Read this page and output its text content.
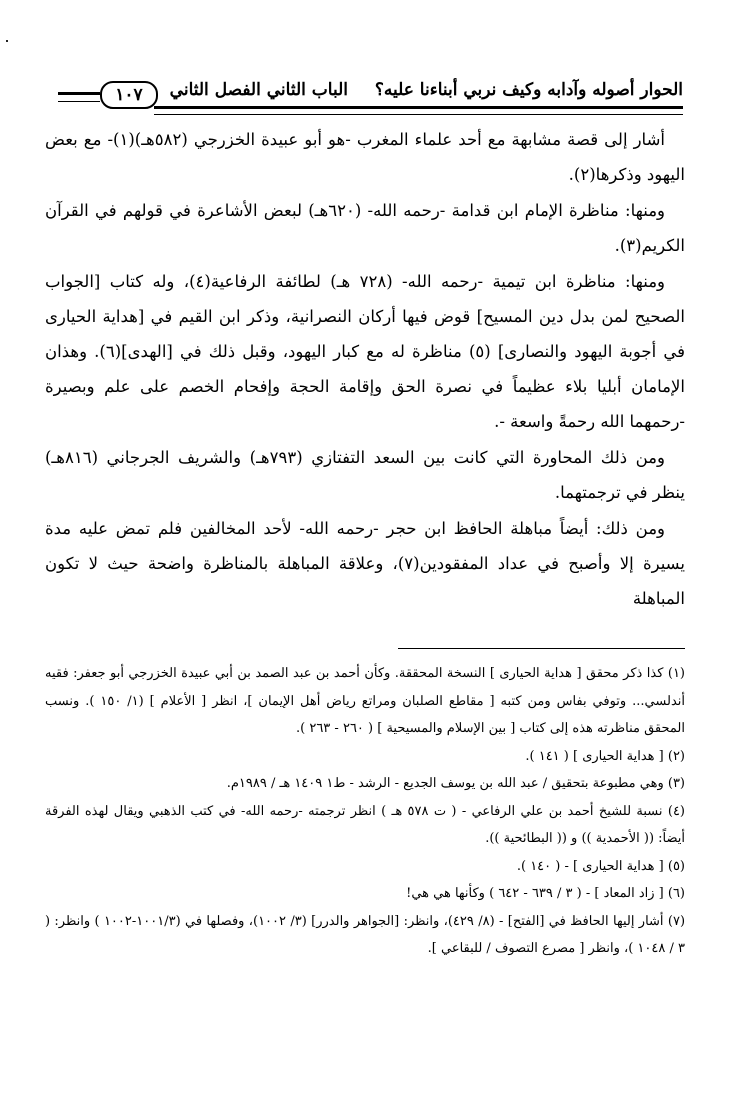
الحوار أصوله وآدابه وكيف نربي أبناءنا عليه؟
الباب الثاني الفصل الثاني
١٠٧

أشار إلى قصة مشابهة مع أحد علماء المغرب -هو أبو عبيدة الخزرجي (٥٨٢هـ)(١)- مع بعض اليهود وذكرها(٢).

ومنها: مناظرة الإمام ابن قدامة -رحمه الله- (٦٢٠هـ) لبعض الأشاعرة في قولهم في القرآن الكريم(٣).

ومنها: مناظرة ابن تيمية -رحمه الله- (٧٢٨ هـ) لطائفة الرفاعية(٤)، وله كتاب [الجواب الصحيح لمن بدل دين المسيح] قوض فيها أركان النصرانية، وذكر ابن القيم في [هداية الحيارى في أجوبة اليهود والنصارى] (٥) مناظرة له مع كبار اليهود، وقبل ذلك في [الهدى](٦). وهذان الإمامان أبليا بلاء عظيماً في نصرة الحق وإقامة الحجة وإفحام الخصم على علم وبصيرة -رحمهما الله رحمةً واسعة -.

ومن ذلك المحاورة التي كانت بين السعد التفتازي (٧٩٣هـ) والشريف الجرجاني (٨١٦هـ) ينظر في ترجمتهما.

ومن ذلك: أيضاً مباهلة الحافظ ابن حجر -رحمه الله- لأحد المخالفين فلم تمض عليه مدة يسيرة إلا وأصبح في عداد المفقودين(٧)، وعلاقة المباهلة بالمناظرة واضحة حيث لا تكون المباهلة

(١) كذا ذكر محقق [ هداية الحيارى ] النسخة المحققة. وكأن أحمد بن عبد الصمد بن أبي عبيدة الخزرجي أبو جعفر: فقيه أندلسي... وتوفي بفاس ومن كتبه [ مقاطع الصلبان ومراتع رياض أهل الإيمان ]، انظر [ الأعلام ] (١/ ١٥٠ ). ونسب المحقق مناظرته هذه إلى كتاب [ بين الإسلام والمسيحية ] ( ٢٦٠ - ٢٦٣ ).

(٢) [ هداية الحيارى ] ( ١٤١ ).

(٣) وهي مطبوعة بتحقيق / عبد الله بن يوسف الجديع - الرشد - ط١ ١٤٠٩ هـ / ١٩٨٩م.

(٤) نسبة للشيخ أحمد بن علي الرفاعي - ( ت ٥٧٨ هـ ) انظر ترجمته -رحمه الله- في كتب الذهبي ويقال لهذه الفرقة أيضاً: (( الأحمدية )) و (( البطائحية )).

(٥) [ هداية الحيارى ] - ( ١٤٠ ).

(٦) [ زاد المعاد ] - ( ٣ / ٦٣٩ - ٦٤٢ ) وكأنها هي هي!

(٧) أشار إليها الحافظ في [الفتح] - (٨/ ٤٢٩)، وانظر: [الجواهر والدرر] (٣/ ١٠٠٢)، وفصلها في (١٠٠١/٣-١٠٠٢ ) وانظر: ( ٣ / ١٠٤٨ )، وانظر [ مصرع التصوف / للبقاعي ].
